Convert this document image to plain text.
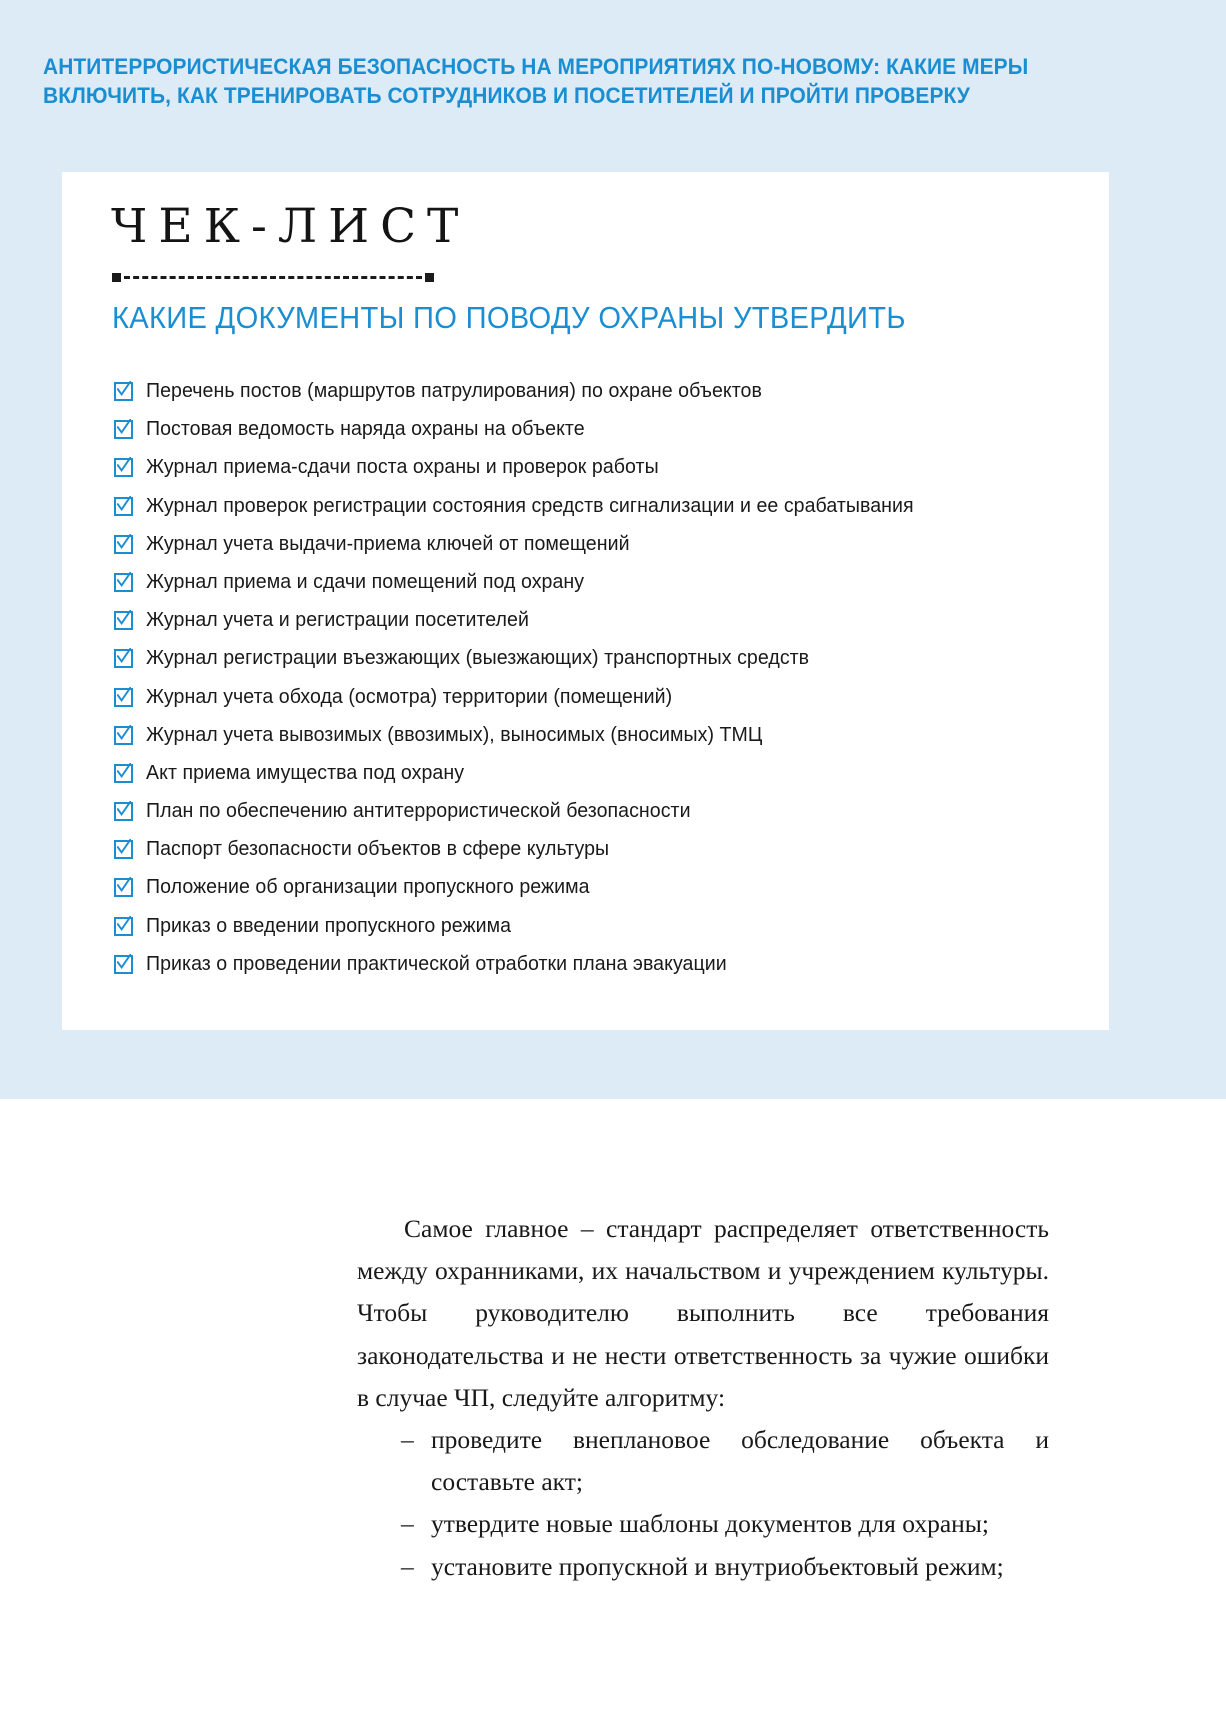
АНТИТЕРРОРИСТИЧЕСКАЯ БЕЗОПАСНОСТЬ НА МЕРОПРИЯТИЯХ ПО-НОВОМУ: КАКИЕ МЕРЫ
ВКЛЮЧИТЬ, КАК ТРЕНИРОВАТЬ СОТРУДНИКОВ И ПОСЕТИТЕЛЕЙ И ПРОЙТИ ПРОВЕРКУ
ЧЕК-ЛИСТ
КАКИЕ ДОКУМЕНТЫ ПО ПОВОДУ ОХРАНЫ УТВЕРДИТЬ
Перечень постов (маршрутов патрулирования) по охране объектов
Постовая ведомость наряда охраны на объекте
Журнал приема-сдачи поста охраны и проверок работы
Журнал проверок регистрации состояния средств сигнализации и ее срабатывания
Журнал учета выдачи-приема ключей от помещений
Журнал приема и сдачи помещений под охрану
Журнал учета и регистрации посетителей
Журнал регистрации въезжающих (выезжающих) транспортных средств
Журнал учета обхода (осмотра) территории (помещений)
Журнал учета вывозимых (ввозимых), выносимых (вносимых) ТМЦ
Акт приема имущества под охрану
План по обеспечению антитеррористической безопасности
Паспорт безопасности объектов в сфере культуры
Положение об организации пропускного режима
Приказ о введении пропускного режима
Приказ о проведении практической отработки плана эвакуации

Самое главное – стандарт распределяет ответственность между охранниками, их начальством и учреждением культуры. Чтобы руководителю выполнить все требования законодательства и не нести ответственность за чужие ошибки в случае ЧП, следуйте алгоритму:

– проведите внеплановое обследование объекта и составьте акт;
– утвердите новые шаблоны документов для охраны;
– установите пропускной и внутриобъектовый режим;
